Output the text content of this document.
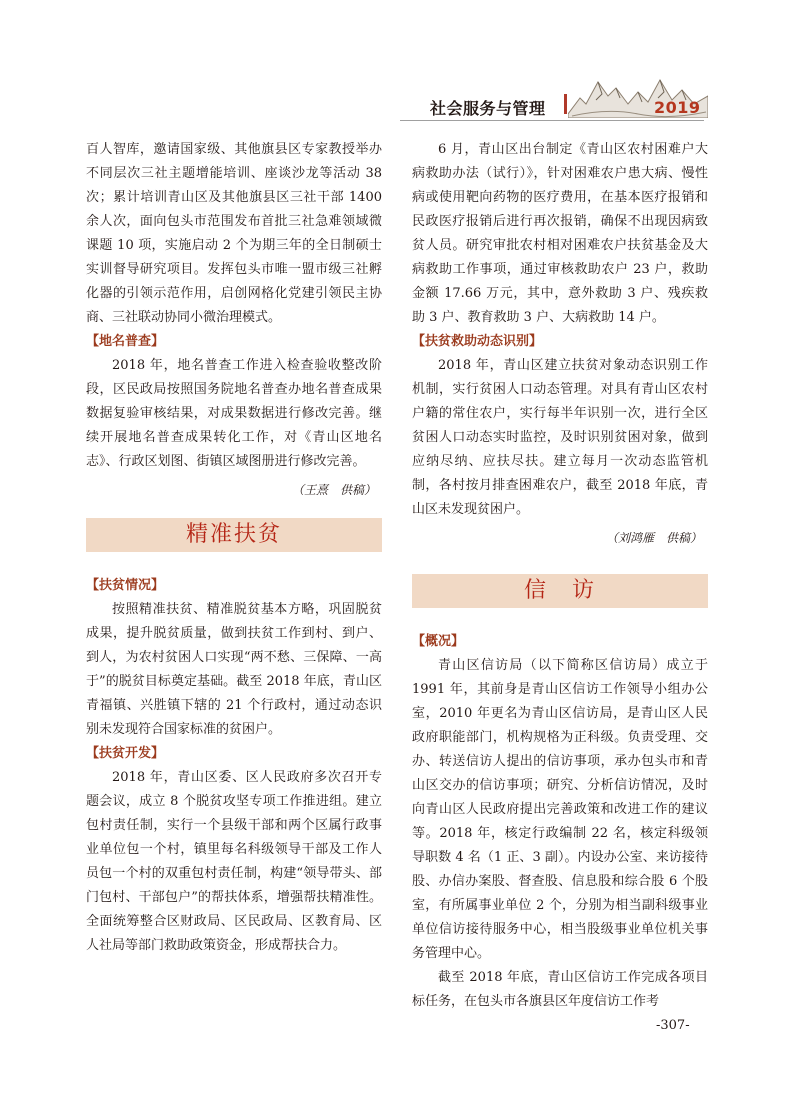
社会服务与管理	2019

百人智库，邀请国家级、其他旗县区专家教授举办不同层次三社主题增能培训、座谈沙龙等活动 38 次；累计培训青山区及其他旗县区三社干部 1400 余人次，面向包头市范围发布首批三社急难领域微课题 10 项，实施启动 2 个为期三年的全日制硕士实训督导研究项目。发挥包头市唯一盟市级三社孵化器的引领示范作用，启创网格化党建引领民主协商、三社联动协同小微治理模式。

【地名普查】

2018 年，地名普查工作进入检查验收整改阶段，区民政局按照国务院地名普查办地名普查成果数据复验审核结果，对成果数据进行修改完善。继续开展地名普查成果转化工作，对《青山区地名志》、行政区划图、街镇区域图册进行修改完善。

（王熹　供稿）
精准扶贫
【扶贫情况】

按照精准扶贫、精准脱贫基本方略，巩固脱贫成果，提升脱贫质量，做到扶贫工作到村、到户、到人，为农村贫困人口实现“两不愁、三保障、一高于”的脱贫目标奠定基础。截至 2018 年底，青山区青福镇、兴胜镇下辖的 21 个行政村，通过动态识别未发现符合国家标准的贫困户。

【扶贫开发】

2018 年，青山区委、区人民政府多次召开专题会议，成立 8 个脱贫攻坚专项工作推进组。建立包村责任制，实行一个县级干部和两个区属行政事业单位包一个村，镇里每名科级领导干部及工作人员包一个村的双重包村责任制，构建“领导带头、部门包村、干部包户”的帮扶体系，增强帮扶精准性。全面统筹整合区财政局、区民政局、区教育局、区人社局等部门救助政策资金，形成帮扶合力。

6 月，青山区出台制定《青山区农村困难户大病救助办法（试行）》，针对困难农户患大病、慢性病或使用靶向药物的医疗费用，在基本医疗报销和民政医疗报销后进行再次报销，确保不出现因病致贫人员。研究审批农村相对困难农户扶贫基金及大病救助工作事项，通过审核救助农户 23 户，救助金额 17.66 万元，其中，意外救助 3 户、残疾救助 3 户、教育救助 3 户、大病救助 14 户。

【扶贫救助动态识别】

2018 年，青山区建立扶贫对象动态识别工作机制，实行贫困人口动态管理。对具有青山区农村户籍的常住农户，实行每半年识别一次，进行全区贫困人口动态实时监控，及时识别贫困对象，做到应纳尽纳、应扶尽扶。建立每月一次动态监管机制，各村按月排查困难农户，截至 2018 年底，青山区未发现贫困户。

（刘鸿雁　供稿）
信　访
【概况】

青山区信访局（以下简称区信访局）成立于 1991 年，其前身是青山区信访工作领导小组办公室，2010 年更名为青山区信访局，是青山区人民政府职能部门，机构规格为正科级。负责受理、交办、转送信访人提出的信访事项，承办包头市和青山区交办的信访事项；研究、分析信访情况，及时向青山区人民政府提出完善政策和改进工作的建议等。2018 年，核定行政编制 22 名，核定科级领导职数 4 名（1 正、3 副）。内设办公室、来访接待股、办信办案股、督查股、信息股和综合股 6 个股室，有所属事业单位 2 个，分别为相当副科级事业单位信访接待服务中心，相当股级事业单位机关事务管理中心。

截至 2018 年底，青山区信访工作完成各项目标任务，在包头市各旗县区年度信访工作考

-307-
